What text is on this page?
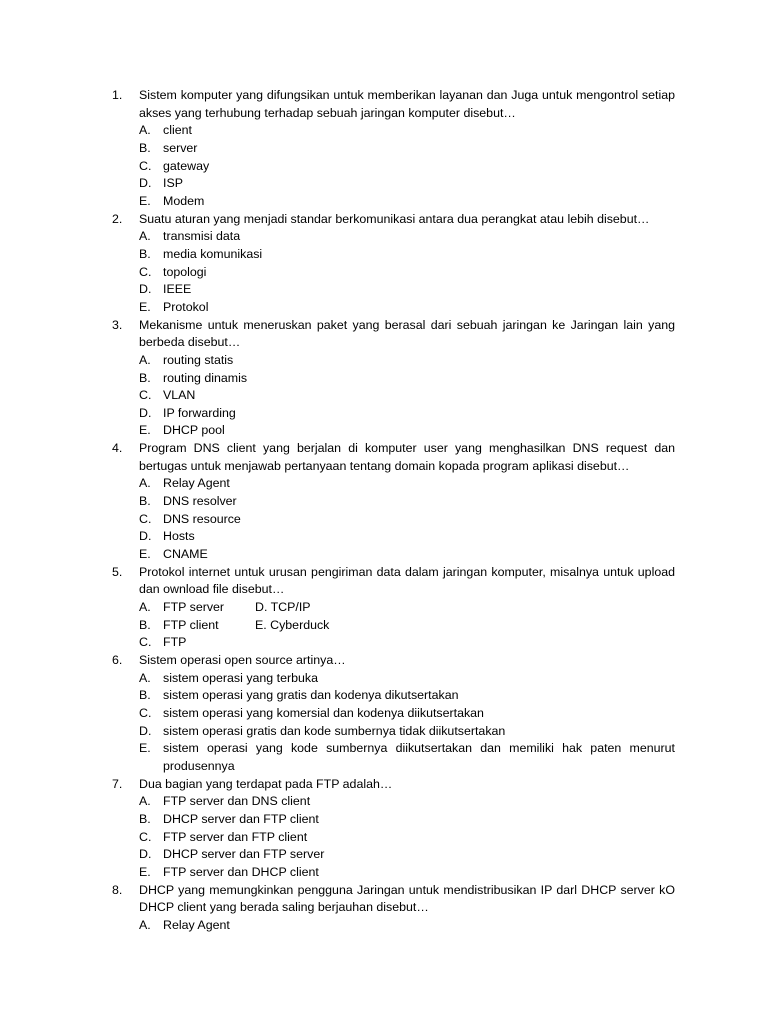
1.	Sistem komputer yang difungsikan untuk memberikan layanan dan Juga untuk mengontrol setiap akses yang terhubung terhadap sebuah jaringan komputer disebut…
A. client
B. server
C. gateway
D. ISP
E. Modem
2.	Suatu aturan yang menjadi standar berkomunikasi antara dua perangkat atau lebih disebut…
A. transmisi data
B. media komunikasi
C. topologi
D. IEEE
E. Protokol
3.	Mekanisme untuk meneruskan paket yang berasal dari sebuah jaringan ke Jaringan lain yang berbeda disebut…
A. routing statis
B. routing dinamis
C. VLAN
D. IP forwarding
E. DHCP pool
4.	Program DNS client yang berjalan di komputer user yang menghasilkan DNS request dan bertugas untuk menjawab pertanyaan tentang domain kopada program aplikasi disebut…
A. Relay Agent
B. DNS resolver
C. DNS resource
D. Hosts
E. CNAME
5.	Protokol internet untuk urusan pengiriman data dalam jaringan komputer, misalnya untuk upload dan ownload file disebut…
A. FTP server D. TCP/IP
B. FTP client	E. Cyberduck
C. FTP
6.	Sistem operasi open source artinya…
A. sistem operasi yang terbuka
B. sistem operasi yang gratis dan kodenya dikutsertakan
C. sistem operasi yang komersial dan kodenya diikutsertakan
D. sistem operasi gratis dan kode sumbernya tidak diikutsertakan
E. sistem operasi yang kode sumbernya diikutsertakan dan memiliki hak paten menurut produsennya
7.	Dua bagian yang terdapat pada FTP adalah…
A. FTP server dan DNS client
B. DHCP server dan FTP client
C. FTP server dan FTP client
D. DHCP server dan FTP server
E. FTP server dan DHCP client
8.	DHCP yang memungkinkan pengguna Jaringan untuk mendistribusikan IP darl DHCP server kO DHCP client yang berada saling berjauhan disebut…
A. Relay Agent
